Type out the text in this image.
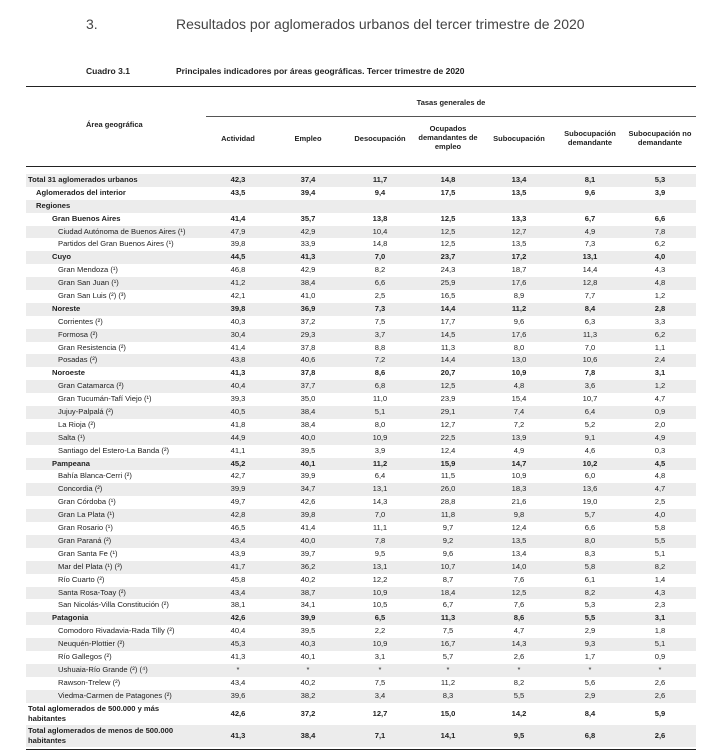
3.	Resultados por aglomerados urbanos del tercer trimestre de 2020
Cuadro 3.1	Principales indicadores por áreas geográficas. Tercer trimestre de 2020
Área geográfica
Tasas generales de
Actividad	Empleo	Desocupación
Ocupados demandantes de empleo
Subocupación
Subocupación demandante
Subocupación no demandante
Total 31 aglomerados urbanos	42,3	37,4	11,7	14,8	13,4	8,1	5,3
Aglomerados del interior	43,5	39,4	9,4	17,5	13,5	9,6	3,9
Regiones
Gran Buenos Aires	41,4	35,7	13,8	12,5	13,3	6,7	6,6
Ciudad Autónoma de Buenos Aires (¹)	47,9	42,9	10,4	12,5	12,7	4,9	7,8
Partidos del Gran Buenos Aires (¹)	39,8	33,9	14,8	12,5	13,5	7,3	6,2
Cuyo	44,5	41,3	7,0	23,7	17,2	13,1	4,0
Gran Mendoza (¹)	46,8	42,9	8,2	24,3	18,7	14,4	4,3
Gran San Juan (¹)	41,2	38,4	6,6	25,9	17,6	12,8	4,8
Gran San Luis (²) (³)	42,1	41,0	2,5	16,5	8,9	7,7	1,2
Noreste	39,8	36,9	7,3	14,4	11,2	8,4	2,8
Corrientes (²)	40,3	37,2	7,5	17,7	9,6	6,3	3,3
Formosa (²)	30,4	29,3	3,7	14,5	17,6	11,3	6,2
Gran Resistencia (²)	41,4	37,8	8,8	11,3	8,0	7,0	1,1
Posadas (²)	43,8	40,6	7,2	14,4	13,0	10,6	2,4
Noroeste	41,3	37,8	8,6	20,7	10,9	7,8	3,1
Gran Catamarca (²)	40,4	37,7	6,8	12,5	4,8	3,6	1,2
Gran Tucumán-Tafí Viejo (¹)	39,3	35,0	11,0	23,9	15,4	10,7	4,7
Jujuy-Palpalá (²)	40,5	38,4	5,1	29,1	7,4	6,4	0,9
La Rioja (²)	41,8	38,4	8,0	12,7	7,2	5,2	2,0
Salta (¹)	44,9	40,0	10,9	22,5	13,9	9,1	4,9
Santiago del Estero-La Banda (²)	41,1	39,5	3,9	12,4	4,9	4,6	0,3
Pampeana	45,2	40,1	11,2	15,9	14,7	10,2	4,5
Bahía Blanca-Cerri (²)	42,7	39,9	6,4	11,5	10,9	6,0	4,8
Concordia (²)	39,9	34,7	13,1	26,0	18,3	13,6	4,7
Gran Córdoba (¹)	49,7	42,6	14,3	28,8	21,6	19,0	2,5
Gran La Plata (¹)	42,8	39,8	7,0	11,8	9,8	5,7	4,0
Gran Rosario (¹)	46,5	41,4	11,1	9,7	12,4	6,6	5,8
Gran Paraná (²)	43,4	40,0	7,8	9,2	13,5	8,0	5,5
Gran Santa Fe (¹)	43,9	39,7	9,5	9,6	13,4	8,3	5,1
Mar del Plata (¹) (³)	41,7	36,2	13,1	10,7	14,0	5,8	8,2
Río Cuarto (²)	45,8	40,2	12,2	8,7	7,6	6,1	1,4
Santa Rosa-Toay (²)	43,4	38,7	10,9	18,4	12,5	8,2	4,3
San Nicolás-Villa Constitución (²)	38,1	34,1	10,5	6,7	7,6	5,3	2,3
Patagonia	42,6	39,9	6,5	11,3	8,6	5,5	3,1
Comodoro Rivadavia-Rada Tilly (²)	40,4	39,5	2,2	7,5	4,7	2,9	1,8
Neuquén-Plottier (²)	45,3	40,3	10,9	16,7	14,3	9,3	5,1
Río Gallegos (²)	41,3	40,1	3,1	5,7	2,6	1,7	0,9
Ushuaia-Río Grande (²) (⁴)	*	*	*	*	*	*	*
Rawson-Trelew (²)	43,4	40,2	7,5	11,2	8,2	5,6	2,6
Viedma-Carmen de Patagones (²)	39,6	38,2	3,4	8,3	5,5	2,9	2,6
Total aglomerados de 500.000 y más habitantes
42,6	37,2	12,7	15,0	14,2	8,4	5,9
Total aglomerados de menos de 500.000 habitantes
41,3	38,4	7,1	14,1	9,5	6,8	2,6
